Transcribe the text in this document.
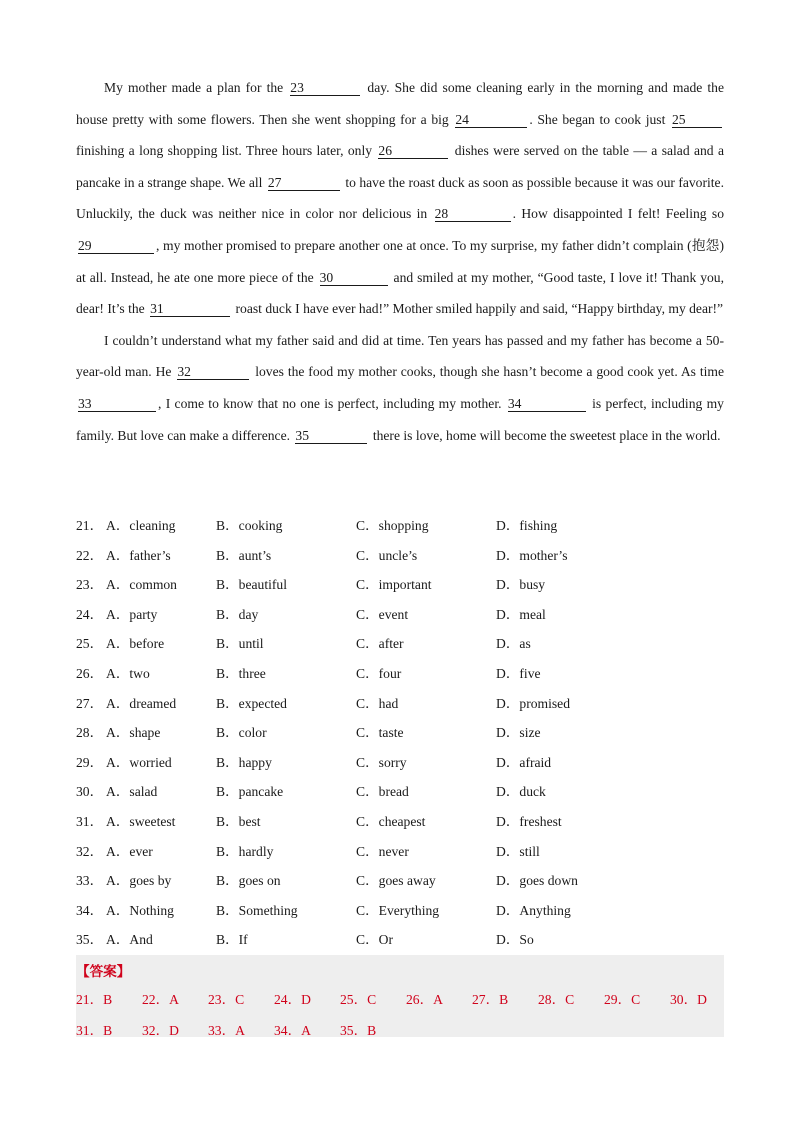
My mother made a plan for the 23	day. She did some cleaning early in the morning and made the house pretty with some flowers. Then she went shopping for a big 24	. She began to cook just 25 finishing a long shopping list. Three hours later, only 26	dishes were served on the table — a salad and a pancake in a strange shape. We all 27	to have the roast duck as soon as possible because it was our favorite. Unluckily, the duck was neither nice in color nor delicious in 28	. How disappointed I felt! Feeling so 29	, my mother promised to prepare another one at once. To my surprise, my father didn’t complain (抱怨) at all. Instead, he ate one more piece of the 30	and smiled at my mother, “Good taste, I love it! Thank you, dear! It’s the 31	roast duck I have ever had!” Mother smiled happily and said, “Happy birthday, my dear!”

I couldn’t understand what my father said and did at time. Ten years has passed and my father has become a 50-year-old man. He 32	loves the food my mother cooks, though she hasn’t become a good cook yet. As time 33	, I come to know that no one is perfect, including my mother. 34	is perfect, including my family. But love can make a difference. 35	there is love, home will become the sweetest place in the world.

21． A．cleaning	B．cooking	C．shopping	D．fishing
22． A．father’s	B．aunt’s	C．uncle’s	D．mother’s
23． A．common	B．beautiful	C．important	D．busy
24． A．party	B．day	C．event	D．meal
25． A．before	B．until	C．after	D．as
26． A．two	B．three	C．four	D．five
27． A．dreamed	B．expected	C．had	D．promised
28． A．shape	B．color	C．taste	D．size
29． A．worried	B．happy	C．sorry	D．afraid
30． A．salad	B．pancake	C．bread	D．duck
31． A．sweetest	B．best	C．cheapest	D．freshest
32． A．ever	B．hardly	C．never	D．still
33． A．goes by	B．goes on	C．goes away	D．goes down
34． A．Nothing	B．Something	C．Everything	D．Anything
35． A．And	B．If	C．Or	D．So
【答案】
21．B 22．A 23．C 24．D 25．C 26．A 27．B 28．C 29．C 30．D
31．B 32．D 33．A 34．A 35．B
